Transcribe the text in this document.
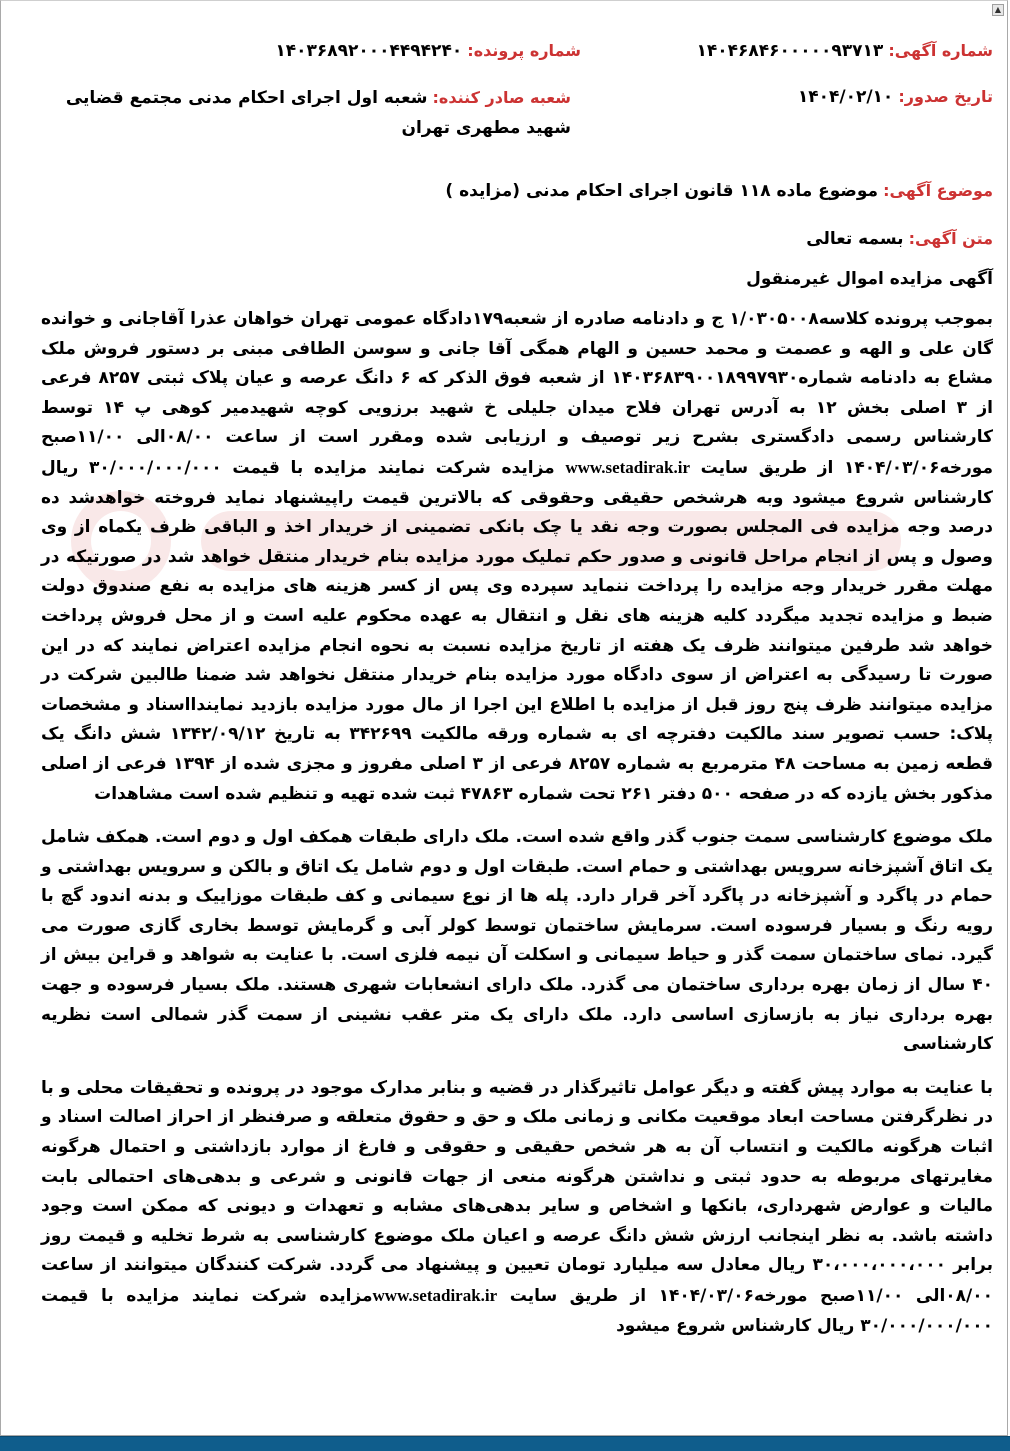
▲
شماره آگهی: ۱۴۰۴۶۸۴۶۰۰۰۰۰۹۳۷۱۳
شماره پرونده: ۱۴۰۳۶۸۹۲۰۰۰۴۴۹۴۲۴۰
تاریخ صدور: ۱۴۰۴/۰۲/۱۰
شعبه صادر کننده: شعبه اول اجرای احکام مدنی مجتمع قضایی شهید مطهری تهران
موضوع آگهی: موضوع ماده ۱۱۸ قانون اجرای احکام مدنی (مزایده )
متن آگهی: بسمه تعالی
آگهی مزایده اموال غیرمنقول

بموجب پرونده کلاسه۱/۰۳۰۵۰۰۸ ج و دادنامه صادره از شعبه۱۷۹دادگاه عمومی تهران خواهان عذرا آقاجانی و خوانده گان علی و الهه و عصمت و محمد حسین و الهام همگی آقا جانی و سوسن الطافی مبنی بر دستور فروش ملک مشاع به دادنامه شماره۱۴۰۳۶۸۳۹۰۰۱۸۹۹۷۹۳۰ از شعبه فوق الذکر که ۶ دانگ عرصه و عیان پلاک ثبتی ۸۲۵۷ فرعی از ۳ اصلی بخش ۱۲ به آدرس تهران فلاح میدان جلیلی خ شهید برزویی کوچه شهیدمیر کوهی پ ۱۴ توسط کارشناس رسمی دادگستری بشرح زیر توصیف و ارزیابی شده ومقرر است از ساعت ۰۸/۰۰الی ۱۱/۰۰صبح مورخه۱۴۰۴/۰۳/۰۶ از طریق سایت www.setadirak.ir مزایده شرکت نمایند مزایده با قیمت ۳۰/۰۰۰/۰۰۰/۰۰۰ ریال کارشناس شروع میشود وبه هرشخص حقیقی وحقوقی که بالاترین قیمت راپیشنهاد نماید فروخته خواهدشد ده درصد وجه مزایده فی المجلس بصورت وجه نقد یا چک بانکی تضمینی از خریدار اخذ و الباقی ظرف یکماه از وی وصول و پس از انجام مراحل قانونی و صدور حکم تملیک مورد مزایده بنام خریدار منتقل خواهد شد در صورتیکه در مهلت مقرر خریدار وجه مزایده را پرداخت ننماید سپرده وی پس از کسر هزینه های مزایده به نفع صندوق دولت ضبط و مزایده تجدید میگردد کلیه هزینه های نقل و انتقال به عهده محکوم علیه است و از محل فروش پرداخت خواهد شد طرفین میتوانند ظرف یک هفته از تاریخ مزایده نسبت به نحوه انجام مزایده اعتراض نمایند که در این صورت تا رسیدگی به اعتراض از سوی دادگاه مورد مزایده بنام خریدار منتقل نخواهد شد ضمنا طالبین شرکت در مزایده میتوانند ظرف پنج روز قبل از مزایده با اطلاع این اجرا از مال مورد مزایده بازدید نمایندااسناد و مشخصات پلاک: حسب تصویر سند مالکیت دفترچه ای به شماره ورقه مالکیت ۳۴۲۶۹۹ به تاریخ ۱۳۴۲/۰۹/۱۲ شش دانگ یک قطعه زمین به مساحت ۴۸ مترمربع به شماره ۸۲۵۷ فرعی از ۳ اصلی مفروز و مجزی شده از ۱۳۹۴ فرعی از اصلی مذکور بخش یازده که در صفحه ۵۰۰ دفتر ۲۶۱ تحت شماره ۴۷۸۶۳ ثبت شده تهیه و تنظیم شده است مشاهدات

ملک موضوع کارشناسی سمت جنوب گذر واقع شده است. ملک دارای طبقات همکف اول و دوم است. همکف شامل یک اتاق آشپزخانه سرویس بهداشتی و حمام است. طبقات اول و دوم شامل یک اتاق و بالکن و سرویس بهداشتی و حمام در پاگرد و آشپزخانه در پاگرد آخر قرار دارد. پله ها از نوع سیمانی و کف طبقات موزاییک و بدنه اندود گچ با رویه رنگ و بسیار فرسوده است. سرمایش ساختمان توسط کولر آبی و گرمایش توسط بخاری گازی صورت می گیرد. نمای ساختمان سمت گذر و حیاط سیمانی و اسکلت آن نیمه فلزی است. با عنایت به شواهد و قراین بیش از ۴۰ سال از زمان بهره برداری ساختمان می گذرد. ملک دارای انشعابات شهری هستند. ملک بسیار فرسوده و جهت بهره برداری نیاز به بازسازی اساسی دارد. ملک دارای یک متر عقب نشینی از سمت گذر شمالی است نظریه کارشناسی

با عنایت به موارد پیش گفته و دیگر عوامل تاثیرگذار در قضیه و بنابر مدارک موجود در پرونده و تحقیقات محلی و با در نظرگرفتن مساحت ابعاد موقعیت مکانی و زمانی ملک و حق و حقوق متعلقه و صرفنظر از احراز اصالت اسناد و اثبات هرگونه مالکیت و انتساب آن به هر شخص حقیقی و حقوقی و فارغ از موارد بازداشتی و احتمال هرگونه مغایرتهای مربوطه به حدود ثبتی و نداشتن هرگونه منعی از جهات قانونی و شرعی و بدهی‌های احتمالی بابت مالیات و عوارض شهرداری، بانکها و اشخاص و سایر بدهی‌های مشابه و تعهدات و دیونی که ممکن است وجود داشته باشد. به نظر اینجانب ارزش شش دانگ عرصه و اعیان ملک موضوع کارشناسی به شرط تخلیه و قیمت روز برابر ۳۰،۰۰۰،۰۰۰،۰۰۰ ریال معادل سه میلیارد تومان تعیین و پیشنهاد می گردد. شرکت کنندگان میتوانند از ساعت ۰۸/۰۰الی ۱۱/۰۰صبح مورخه۱۴۰۴/۰۳/۰۶ از طریق سایت www.setadirak.irمزایده شرکت نمایند مزایده با قیمت ۳۰/۰۰۰/۰۰۰/۰۰۰ ریال کارشناس شروع میشود
